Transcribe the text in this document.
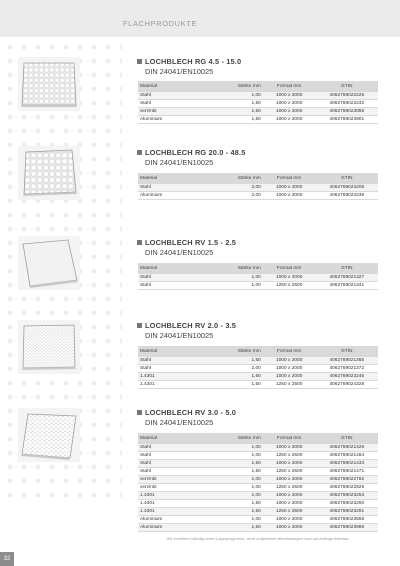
FLACHPRODUKTE
LOCHBLECH RG 4.5 - 15.0
DIN 24041/EN10025
Material	Stärke mm	Format mm	GTIN
Stahl	1,00	1000 x 2000	4062769022225
Stahl	1,50	1000 x 2000	4062769022232
verzinkt	1,50	1000 x 2000	4062769023055
Aluminium	1,50	1000 x 2000	4062769023901
LOCHBLECH RG 20.0 - 48.5
DIN 24041/EN10025
Material	Stärke mm	Format mm	GTIN
Stahl	2,00	1000 x 2000	4062769024205
Aluminium	2,00	1000 x 2000	4062769024236
LOCHBLECH RV 1.5 - 2.5
DIN 24041/EN10025
Material	Stärke mm	Format mm	GTIN
Stahl	1,00	1000 x 2000	4062769021327
Stahl	1,00	1250 x 2500	4062769021341
LOCHBLECH RV 2.0 - 3.5
DIN 24041/EN10025
Material	Stärke mm	Format mm	GTIN
Stahl	1,50	1000 x 2000	4062769021365
Stahl	2,00	1000 x 2000	4062769021372
1.4301	1,50	1000 x 2000	4062769023246
1.4301	1,50	1250 x 2500	4062769024328
LOCHBLECH RV 3.0 - 5.0
DIN 24041/EN10025
Material	Stärke mm	Format mm	GTIN
Stahl	1,00	1000 x 2000	4062769021426
Stahl	1,00	1250 x 2500	4062769021464
Stahl	1,50	1000 x 2000	4062769021433
Stahl	1,50	1250 x 2500	4062769021471
verzinkt	1,00	1000 x 2000	4062769022782
verzinkt	1,00	1250 x 2500	4062769022829
1.4301	1,00	1000 x 2000	4062769023253
1.4301	1,50	1000 x 2000	4062769023260
1.4301	1,50	1250 x 2500	4062769023291
Aluminium	1,00	1000 x 2000	4062769023658
Aluminium	1,50	1000 x 2000	4062769023986
Wir erweitern ständig unser Lagerprogramm, nicht aufgeführte Abmessungen sind auf Anfrage lieferbar.
32
